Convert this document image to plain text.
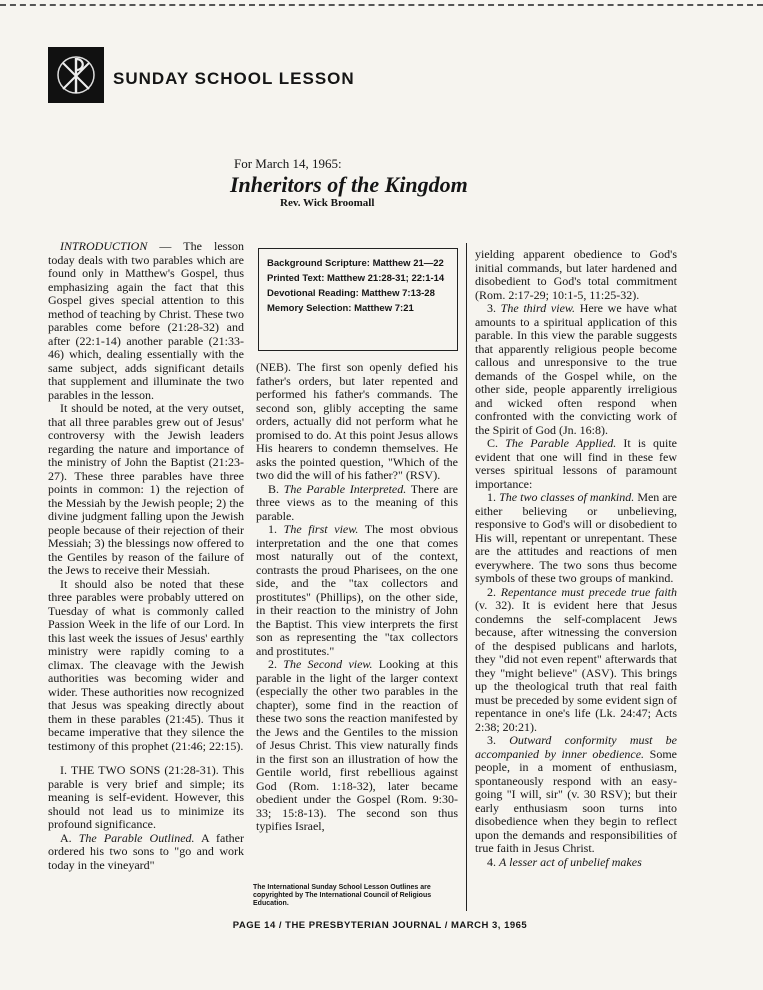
SUNDAY SCHOOL LESSON
For March 14, 1965:
Inheritors of the Kingdom
Rev. Wick Broomall

INTRODUCTION — The lesson today deals with two parables which are found only in Matthew's Gospel, thus emphasizing again the fact that this Gospel gives special attention to this method of teaching by Christ. These two parables come before (21:28-32) and after (22:1-14) another parable (21:33-46) which, dealing essentially with the same subject, adds significant details that supplement and illuminate the two parables in the lesson.

It should be noted, at the very outset, that all three parables grew out of Jesus' controversy with the Jewish leaders regarding the nature and importance of the ministry of John the Baptist (21:23-27). These three parables have three points in common: 1) the rejection of the Messiah by the Jewish people; 2) the divine judgment falling upon the Jewish people because of their rejection of their Messiah; 3) the blessings now offered to the Gentiles by reason of the failure of the Jews to receive their Messiah.

It should also be noted that these three parables were probably uttered on Tuesday of what is commonly called Passion Week in the life of our Lord. In this last week the issues of Jesus' earthly ministry were rapidly coming to a climax. The cleavage with the Jewish authorities was becoming wider and wider. These authorities now recognized that Jesus was speaking directly about them in these parables (21:45). Thus it became imperative that they silence the testimony of this prophet (21:46; 22:15).

I. THE TWO SONS (21:28-31). This parable is very brief and simple; its meaning is self-evident. However, this should not lead us to minimize its profound significance.

A. The Parable Outlined. A father ordered his two sons to "go and work today in the vineyard"

Background Scripture: Matthew 21—22
Printed Text: Matthew 21:28-31; 22:1-14
Devotional Reading: Matthew 7:13-28
Memory Selection: Matthew 7:21

(NEB). The first son openly defied his father's orders, but later repented and performed his father's commands. The second son, glibly accepting the same orders, actually did not perform what he promised to do. At this point Jesus allows His hearers to condemn themselves. He asks the pointed question, "Which of the two did the will of his father?" (RSV).

B. The Parable Interpreted. There are three views as to the meaning of this parable.

1. The first view. The most obvious interpretation and the one that comes most naturally out of the context, contrasts the proud Pharisees, on the one side, and the "tax collectors and prostitutes" (Phillips), on the other side, in their reaction to the ministry of John the Baptist. This view interprets the first son as representing the "tax collectors and prostitutes."

2. The Second view. Looking at this parable in the light of the larger context (especially the other two parables in the chapter), some find in the reaction of these two sons the reaction manifested by the Jews and the Gentiles to the mission of Jesus Christ. This view naturally finds in the first son an illustration of how the Gentile world, first rebellious against God (Rom. 1:18-32), later became obedient under the Gospel (Rom. 9:30-33; 15:8-13). The second son thus typifies Israel,

yielding apparent obedience to God's initial commands, but later hardened and disobedient to God's total commitment (Rom. 2:17-29; 10:1-5, 11:25-32).

3. The third view. Here we have what amounts to a spiritual application of this parable. In this view the parable suggests that apparently religious people become callous and unresponsive to the true demands of the Gospel while, on the other side, people apparently irreligious and wicked often respond when confronted with the convicting work of the Spirit of God (Jn. 16:8).

C. The Parable Applied. It is quite evident that one will find in these few verses spiritual lessons of paramount importance:

1. The two classes of mankind. Men are either believing or unbelieving, responsive to God's will or disobedient to His will, repentant or unrepentant. These are the attitudes and reactions of men everywhere. The two sons thus become symbols of these two groups of mankind.

2. Repentance must precede true faith (v. 32). It is evident here that Jesus condemns the self-complacent Jews because, after witnessing the conversion of the despised publicans and harlots, they "did not even repent" afterwards that they "might believe" (ASV). This brings up the theological truth that real faith must be preceded by some evident sign of repentance in one's life (Lk. 24:47; Acts 2:38; 20:21).

3. Outward conformity must be accompanied by inner obedience. Some people, in a moment of enthusiasm, spontaneously respond with an easy-going "I will, sir" (v. 30 RSV); but their early enthusiasm soon turns into disobedience when they begin to reflect upon the demands and responsibilities of true faith in Jesus Christ.

4. A lesser act of unbelief makes

The International Sunday School Lesson Outlines are copyrighted by The International Council of Religious Education.
PAGE 14 / THE PRESBYTERIAN JOURNAL / MARCH 3, 1965
